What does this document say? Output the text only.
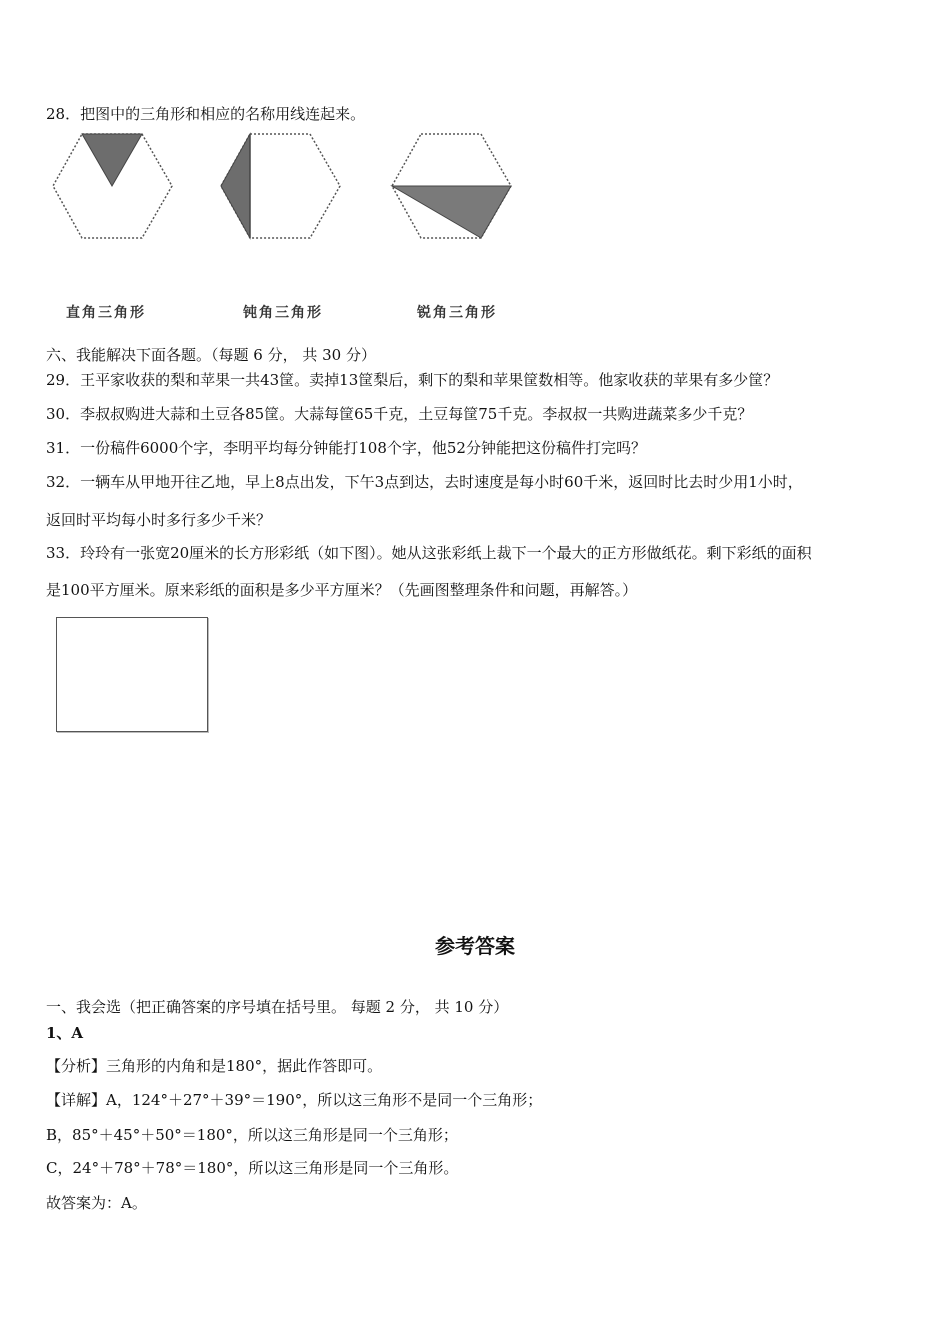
28．把图中的三角形和相应的名称用线连起来。
直角三角形	钝角三角形	锐角三角形
六、我能解决下面各题。（每题 6 分， 共 30 分）
29．王平家收获的梨和苹果一共43筐。卖掉13筐梨后，剩下的梨和苹果筐数相等。他家收获的苹果有多少筐？
30．李叔叔购进大蒜和土豆各85筐。大蒜每筐65千克，土豆每筐75千克。李叔叔一共购进蔬菜多少千克？
31．一份稿件6000个字，李明平均每分钟能打108个字，他52分钟能把这份稿件打完吗？
32．一辆车从甲地开往乙地，早上8点出发，下午3点到达，去时速度是每小时60千米，返回时比去时少用1小时，
返回时平均每小时多行多少千米？
33．玲玲有一张宽20厘米的长方形彩纸（如下图）。她从这张彩纸上裁下一个最大的正方形做纸花。剩下彩纸的面积
是100平方厘米。原来彩纸的面积是多少平方厘米？（先画图整理条件和问题，再解答。）
参考答案
一、我会选（把正确答案的序号填在括号里。 每题 2 分， 共 10 分）
1、A
【分析】三角形的内角和是180°，据此作答即可。
【详解】A，124°＋27°＋39°＝190°，所以这三角形不是同一个三角形；
B，85°＋45°＋50°＝180°，所以这三角形是同一个三角形；
C，24°＋78°＋78°＝180°，所以这三角形是同一个三角形。
故答案为：A。
